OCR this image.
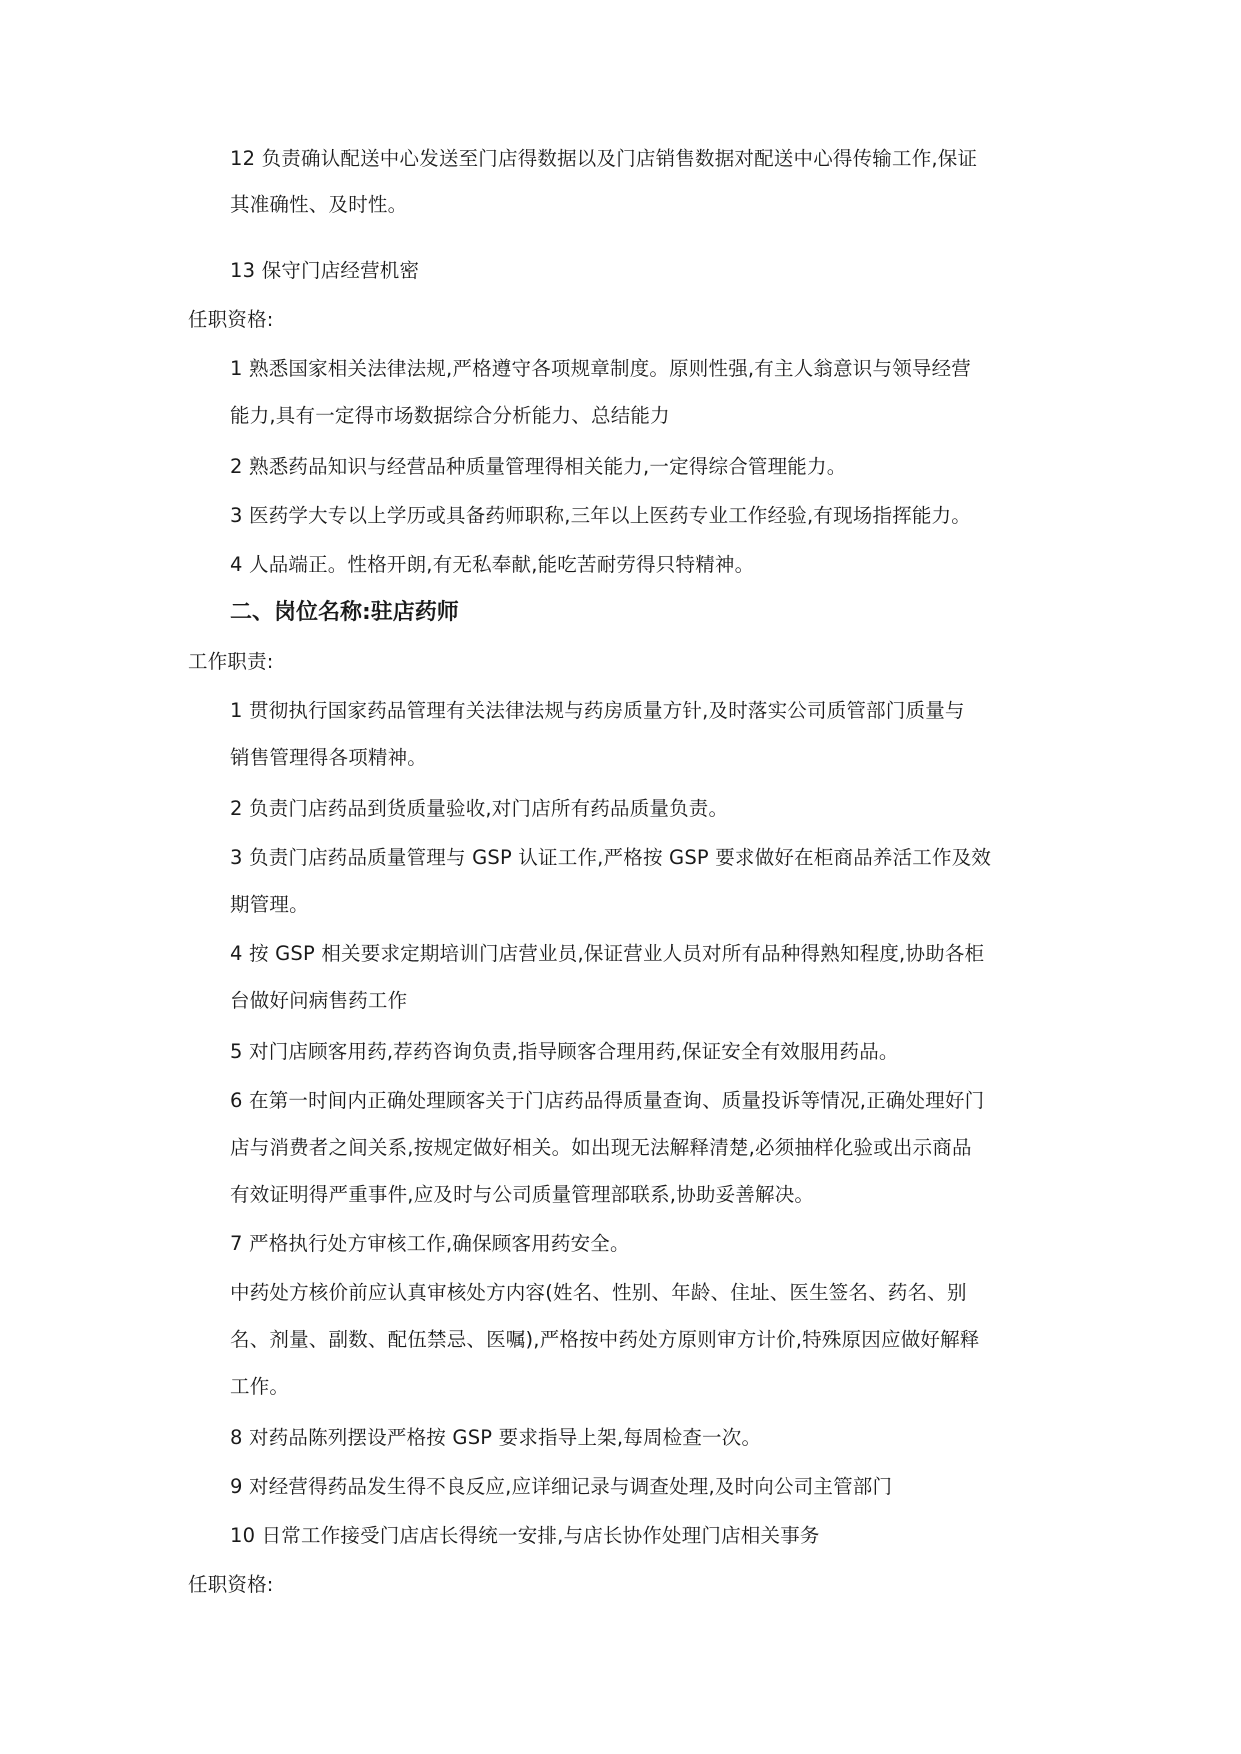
12 负责确认配送中心发送至门店得数据以及门店销售数据对配送中心得传输工作,保证
其准确性、及时性。
13 保守门店经营机密
任职资格:
1 熟悉国家相关法律法规,严格遵守各项规章制度。原则性强,有主人翁意识与领导经营
能力,具有一定得市场数据综合分析能力、总结能力
2 熟悉药品知识与经营品种质量管理得相关能力,一定得综合管理能力。
3 医药学大专以上学历或具备药师职称,三年以上医药专业工作经验,有现场指挥能力。
4 人品端正。性格开朗,有无私奉献,能吃苦耐劳得只特精神。
二、岗位名称:驻店药师
工作职责:
1 贯彻执行国家药品管理有关法律法规与药房质量方针,及时落实公司质管部门质量与
销售管理得各项精神。
2 负责门店药品到货质量验收,对门店所有药品质量负责。
3 负责门店药品质量管理与 GSP 认证工作,严格按 GSP 要求做好在柜商品养活工作及效
期管理。
4 按 GSP 相关要求定期培训门店营业员,保证营业人员对所有品种得熟知程度,协助各柜
台做好问病售药工作
5 对门店顾客用药,荐药咨询负责,指导顾客合理用药,保证安全有效服用药品。
6 在第一时间内正确处理顾客关于门店药品得质量查询、质量投诉等情况,正确处理好门
店与消费者之间关系,按规定做好相关。如出现无法解释清楚,必须抽样化验或出示商品
有效证明得严重事件,应及时与公司质量管理部联系,协助妥善解决。
7 严格执行处方审核工作,确保顾客用药安全。
中药处方核价前应认真审核处方内容(姓名、性别、年龄、住址、医生签名、药名、别
名、剂量、副数、配伍禁忌、医嘱),严格按中药处方原则审方计价,特殊原因应做好解释
工作。
8 对药品陈列摆设严格按 GSP 要求指导上架,每周检查一次。
9 对经营得药品发生得不良反应,应详细记录与调查处理,及时向公司主管部门
10 日常工作接受门店店长得统一安排,与店长协作处理门店相关事务
任职资格:
